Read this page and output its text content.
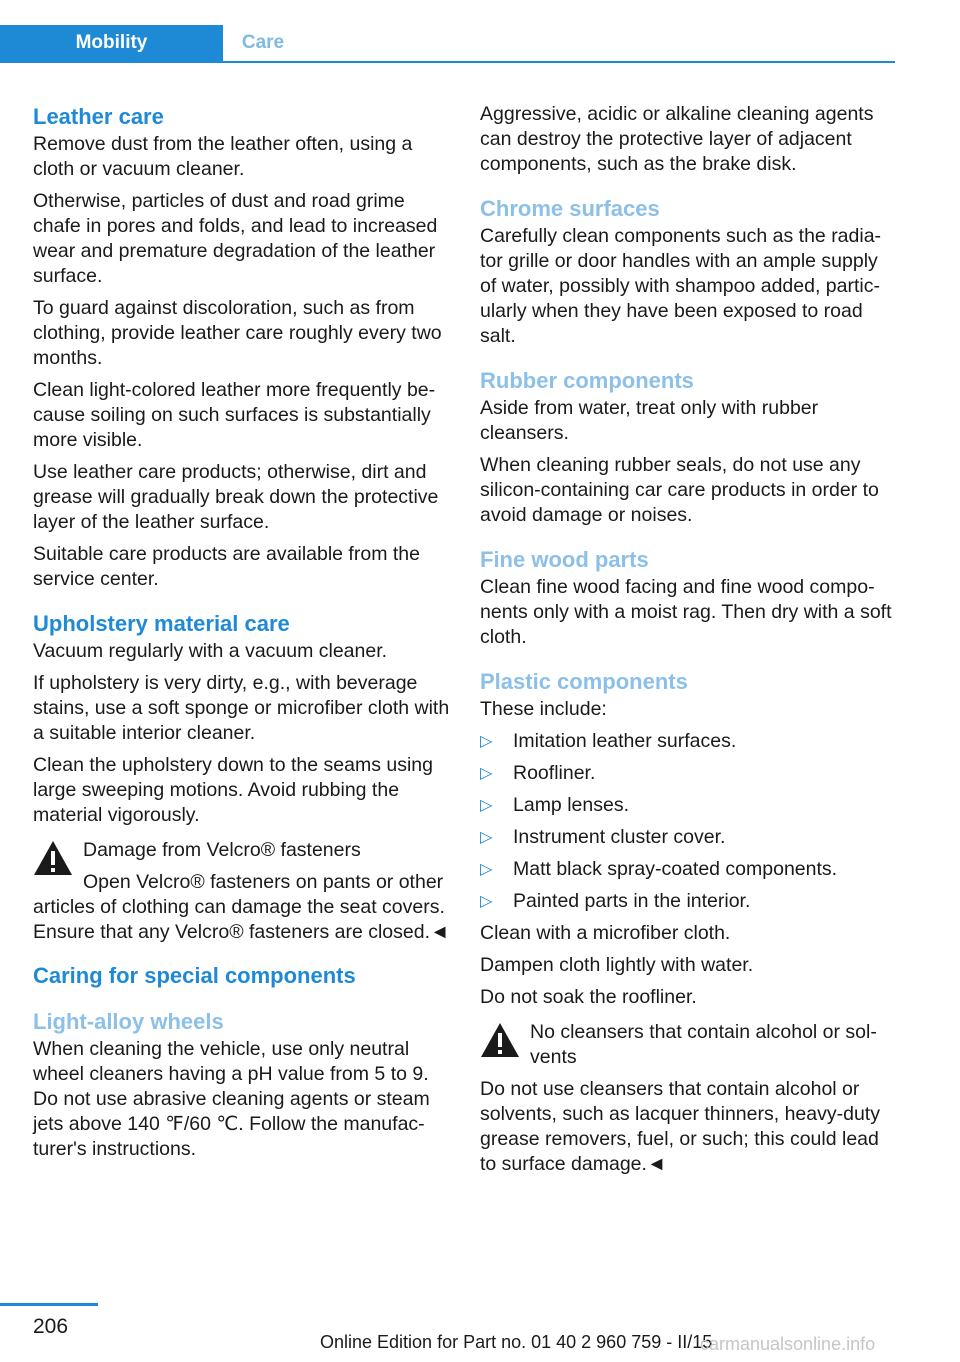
Mobility	Care
Leather care

Remove dust from the leather often, using a cloth or vacuum cleaner.

Otherwise, particles of dust and road grime chafe in pores and folds, and lead to increased wear and premature degradation of the leather surface.

To guard against discoloration, such as from clothing, provide leather care roughly every two months.

Clean light-colored leather more frequently be-cause soiling on such surfaces is substantially more visible.

Use leather care products; otherwise, dirt and grease will gradually break down the protective layer of the leather surface.

Suitable care products are available from the service center.

Upholstery material care

Vacuum regularly with a vacuum cleaner.

If upholstery is very dirty, e.g., with beverage stains, use a soft sponge or microfiber cloth with a suitable interior cleaner.

Clean the upholstery down to the seams using large sweeping motions. Avoid rubbing the material vigorously.

Damage from Velcro® fasteners

Open Velcro® fasteners on pants or other articles of clothing can damage the seat covers. Ensure that any Velcro® fasteners are closed.◄

Caring for special components
Light-alloy wheels

When cleaning the vehicle, use only neutral wheel cleaners having a pH value from 5 to 9. Do not use abrasive cleaning agents or steam jets above 140 ℉/60 ℃. Follow the manufac-turer's instructions.

Aggressive, acidic or alkaline cleaning agents can destroy the protective layer of adjacent components, such as the brake disk.

Chrome surfaces

Carefully clean components such as the radia-tor grille or door handles with an ample supply of water, possibly with shampoo added, partic-ularly when they have been exposed to road salt.

Rubber components

Aside from water, treat only with rubber cleansers.

When cleaning rubber seals, do not use any silicon-containing car care products in order to avoid damage or noises.

Fine wood parts

Clean fine wood facing and fine wood compo-nents only with a moist rag. Then dry with a soft cloth.

Plastic components

These include:

▷ Imitation leather surfaces.
▷ Roofliner.
▷ Lamp lenses.
▷ Instrument cluster cover.
▷ Matt black spray-coated components.
▷ Painted parts in the interior.

Clean with a microfiber cloth.

Dampen cloth lightly with water.

Do not soak the roofliner.

No cleansers that contain alcohol or sol-vents

Do not use cleansers that contain alcohol or solvents, such as lacquer thinners, heavy-duty grease removers, fuel, or such; this could lead to surface damage.◄

206
Online Edition for Part no. 01 40 2 960 759 - II/15
carmanualsonline.info
